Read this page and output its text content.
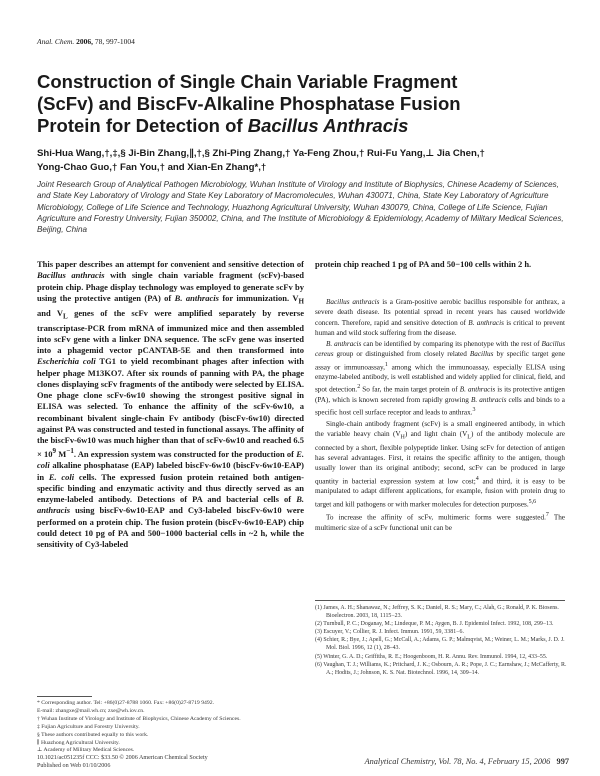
Anal. Chem. 2006, 78, 997-1004
Construction of Single Chain Variable Fragment
(ScFv) and BiscFv-Alkaline Phosphatase Fusion
Protein for Detection of Bacillus Anthracis
Shi-Hua Wang,†,‡,§ Ji-Bin Zhang,∥,†,§ Zhi-Ping Zhang,† Ya-Feng Zhou,† Rui-Fu Yang,⊥ Jia Chen,†
Yong-Chao Guo,† Fan You,† and Xian-En Zhang*,†
Joint Research Group of Analytical Pathogen Microbiology, Wuhan Institute of Virology and Institute of Biophysics, Chinese Academy of Sciences, and State Key Laboratory of Virology and State Key Laboratory of Macromolecules, Wuhan 430071, China, State Key Laboratory of Agriculture Microbiology, College of Life Science and Technology, Huazhong Agricultural University, Wuhan 430079, China, College of Life Science, Fujian Agriculture and Forestry University, Fujian 350002, China, and The Institute of Microbiology & Epidemiology, Academy of Military Medical Sciences, Beijing, China
This paper describes an attempt for convenient and sensitive detection of Bacillus anthracis with single chain variable fragment (scFv)-based protein chip. Phage display technology was employed to generate scFv by using the protective antigen (PA) of B. anthracis for immunization. $V_H$ and $V_L$ genes of the scFv were amplified separately by reverse transcriptase-PCR from mRNA of immunized mice and then assembled into scFv gene with a linker DNA sequence. The scFv gene was inserted into a phagemid vector pCANTAB-5E and then transformed into Escherichia coli TG1 to yield recombinant phages after infection with helper phage M13KO7. After six rounds of panning with PA, the phage clones displaying scFv fragments of the antibody were selected by ELISA. One phage clone scFv-6w10 showing the strongest positive signal in ELISA was selected. To enhance the affinity of the scFv-6w10, a recombinant bivalent single-chain Fv antibody (biscFv-6w10) directed against PA was constructed and tested in functional assays. The affinity of the biscFv-6w10 was much higher than that of scFv-6w10 and reached $6.5 \times 10^9$ $M^{-1}$. An expression system was constructed for the production of E. coli alkaline phosphatase (EAP) labeled biscFv-6w10 (biscFv-6w10-EAP) in E. coli cells. The expressed fusion protein retained both antigen-specific binding and enzymatic activity and thus directly served as an enzyme-labeled antibody. Detections of PA and bacterial cells of B. anthracis using biscFv-6w10-EAP and Cy3-labeled biscFv-6w10 were performed on a protein chip. The fusion protein (biscFv-6w10-EAP) chip could detect 10 pg of PA and 500−1000 bacterial cells in ~2 h, while the sensitivity of Cy3-labeled
protein chip reached 1 pg of PA and 50−100 cells within 2 h.

Bacillus anthracis is a Gram-positive aerobic bacillus responsible for anthrax, a severe death disease. Its potential spread in recent years has caused worldwide concern. Therefore, rapid and sensitive detection of B. anthracis is critical to prevent human and wild stock suffering from the disease.

B. anthracis can be identified by comparing its phenotype with the rest of Bacillus cereus group or distinguished from closely related Bacillus by specific target gene assay or immunoassay,$^1$ among which the immunoassay, especially ELISA using enzyme-labeled antibody, is well established and widely applied for clinical, field, and spot detection.$^2$ So far, the main target protein of B. anthracis is its protective antigen (PA), which is known secreted from rapidly growing B. anthracis cells and binds to a specific host cell surface receptor and leads to anthrax.$^3$

Single-chain antibody fragment (scFv) is a small engineered antibody, in which the variable heavy chain $(V_H)$ and light chain $(V_L)$ of the antibody molecule are connected by a short, flexible polypeptide linker. Using scFv for detection of antigen has several advantages. First, it retains the specific affinity to the antigen, though usually lower than its original antibody; second, scFv can be produced in large quantity in bacterial expression system at low cost;$^4$ and third, it is easy to be manipulated to adapt different applications, for example, fusion with protein drug to target and kill pathogens or with marker molecules for detection purposes.$^{5,6}$

To increase the affinity of scFv, multimeric forms were suggested.$^7$ The multimeric size of a scFv functional unit can be

* Corresponding author. Tel: +86(0)27-8788 1060. Fax: +86(0)27-8719 9492.
E-mail: zhangxe@mail.wh.cn; zxe@wh.iov.cn.
† Wuhan Institute of Virology and Institute of Biophysics, Chinese Academy of Sciences.
‡ Fujian Agriculture and Forestry University.
§ These authors contributed equally to this work.
∥ Huazhong Agricultural University.
⊥ Academy of Military Medical Sciences.
(1) James, A. H.; Shanawaz, N.; Jeffrey, S. K.; Daniel, R. S.; Mary, C.; Alah, G.; Ronald, P. K. Biosens. Bioelectron. 2003, 18, 1115−23.
(2) Turnbull, P. C.; Doganay, M.; Lindeque, P. M.; Aygen, B. J. Epidemiol Infect. 1992, 108, 299−13.
(3) Escuyer, V.; Collier, R. J. Infect. Immun. 1991, 59, 3381−6.
(4) Schier, R.; Bye, J.; Apell, G.; McCall, A.; Adams, G. P.; Malmqvist, M.; Weiner, L. M.; Marks, J. D. J. Mol. Biol. 1996, 12 (1), 28–43.
(5) Winter, G. A. D.; Griffiths, R. E.; Hoogenboom, H. R. Annu. Rev. Immunol. 1994, 12, 433–55.
(6) Vaughan, T. J.; Williams, K.; Pritchard, J. K.; Osbourn, A. R.; Pope, J. C.; Earnshaw, J.; McCafferty, R. A.; Hodits, J.; Johnson, K. S. Nat. Biotechnol. 1996, 14, 309–14.
10.1021/ac051235f CCC: $33.50 © 2006 American Chemical Society
Published on Web 01/10/2006	Analytical Chemistry, Vol. 78, No. 4, February 15, 2006 997
